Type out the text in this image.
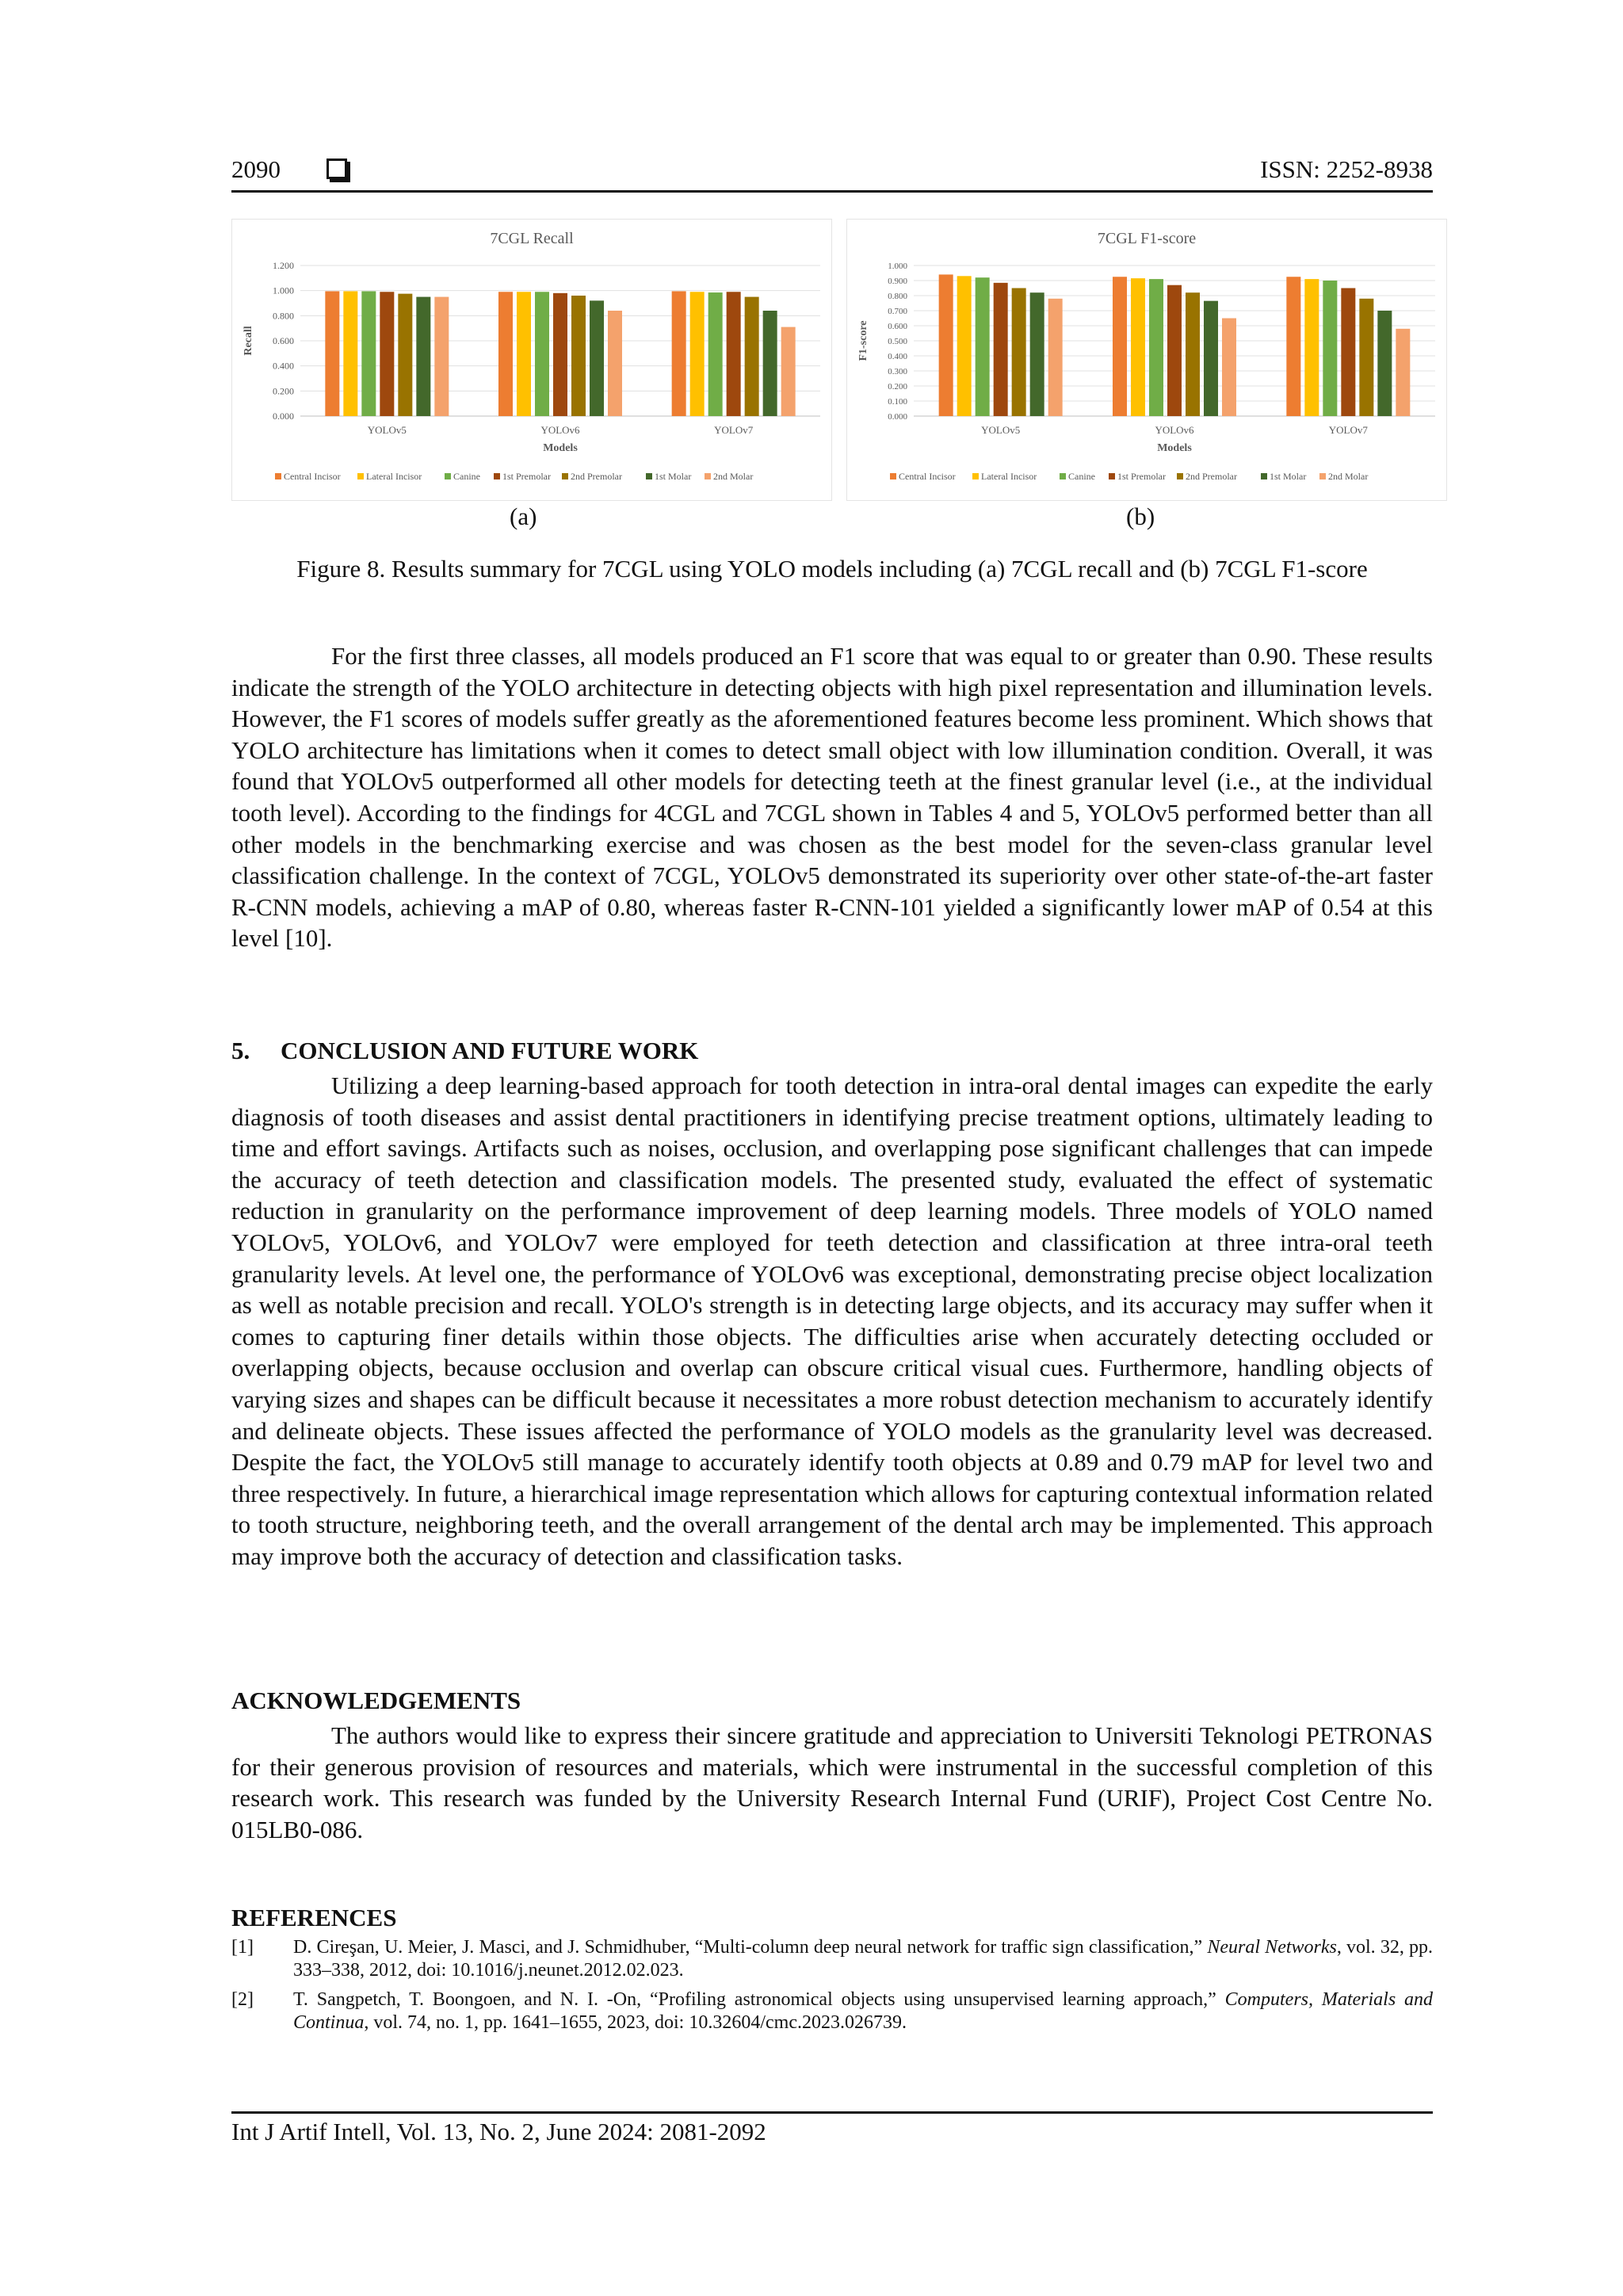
2090	ISSN: 2252-8938
7CGL Recall
0.000
0.200
0.400
0.600
0.800
1.000
1.200
Recall
YOLOv5	YOLOv6	YOLOv7
Models
Central Incisor	Lateral Incisor	Canine 1st Premolar 2nd Premolar	1st Molar 2nd Molar
7CGL F1-score
0.000
0.100
0.200
0.300
0.400
0.500
0.600
0.700
0.800
0.900
1.000
F1-score
YOLOv5	YOLOv6	YOLOv7
Models
Central Incisor	Lateral Incisor	Canine 1st Premolar 2nd Premolar	1st Molar 2nd Molar
(a)	(b)
Figure 8. Results summary for 7CGL using YOLO models including (a) 7CGL recall and (b) 7CGL F1-score

For the first three classes, all models produced an F1 score that was equal to or greater than 0.90. These results indicate the strength of the YOLO architecture in detecting objects with high pixel representation and illumination levels. However, the F1 scores of models suffer greatly as the aforementioned features become less prominent. Which shows that YOLO architecture has limitations when it comes to detect small object with low illumination condition. Overall, it was found that YOLOv5 outperformed all other models for detecting teeth at the finest granular level (i.e., at the individual tooth level). According to the findings for 4CGL and 7CGL shown in Tables 4 and 5, YOLOv5 performed better than all other models in the benchmarking exercise and was chosen as the best model for the seven-class granular level classification challenge. In the context of 7CGL, YOLOv5 demonstrated its superiority over other state-of-the-art faster R-CNN models, achieving a mAP of 0.80, whereas faster R-CNN-101 yielded a significantly lower mAP of 0.54 at this level [10].

5.     CONCLUSION AND FUTURE WORK

Utilizing a deep learning-based approach for tooth detection in intra-oral dental images can expedite the early diagnosis of tooth diseases and assist dental practitioners in identifying precise treatment options, ultimately leading to time and effort savings. Artifacts such as noises, occlusion, and overlapping pose significant challenges that can impede the accuracy of teeth detection and classification models. The presented study, evaluated the effect of systematic reduction in granularity on the performance improvement of deep learning models. Three models of YOLO named YOLOv5, YOLOv6, and YOLOv7 were employed for teeth detection and classification at three intra-oral teeth granularity levels. At level one, the performance of YOLOv6 was exceptional, demonstrating precise object localization as well as notable precision and recall. YOLO's strength is in detecting large objects, and its accuracy may suffer when it comes to capturing finer details within those objects. The difficulties arise when accurately detecting occluded or overlapping objects, because occlusion and overlap can obscure critical visual cues. Furthermore, handling objects of varying sizes and shapes can be difficult because it necessitates a more robust detection mechanism to accurately identify and delineate objects. These issues affected the performance of YOLO models as the granularity level was decreased. Despite the fact, the YOLOv5 still manage to accurately identify tooth objects at 0.89 and 0.79 mAP for level two and three respectively. In future, a hierarchical image representation which allows for capturing contextual information related to tooth structure, neighboring teeth, and the overall arrangement of the dental arch may be implemented. This approach may improve both the accuracy of detection and classification tasks.

ACKNOWLEDGEMENTS

The authors would like to express their sincere gratitude and appreciation to Universiti Teknologi PETRONAS for their generous provision of resources and materials, which were instrumental in the successful completion of this research work. This research was funded by the University Research Internal Fund (URIF), Project Cost Centre No. 015LB0-086.

REFERENCES
[1] D. Cireşan, U. Meier, J. Masci, and J. Schmidhuber, “Multi-column deep neural network for traffic sign classification,” Neural Networks, vol. 32, pp. 333–338, 2012, doi: 10.1016/j.neunet.2012.02.023.
[2] T. Sangpetch, T. Boongoen, and N. I. -On, “Profiling astronomical objects using unsupervised learning approach,” Computers, Materials and Continua, vol. 74, no. 1, pp. 1641–1655, 2023, doi: 10.32604/cmc.2023.026739.
Int J Artif Intell, Vol. 13, No. 2, June 2024: 2081-2092
